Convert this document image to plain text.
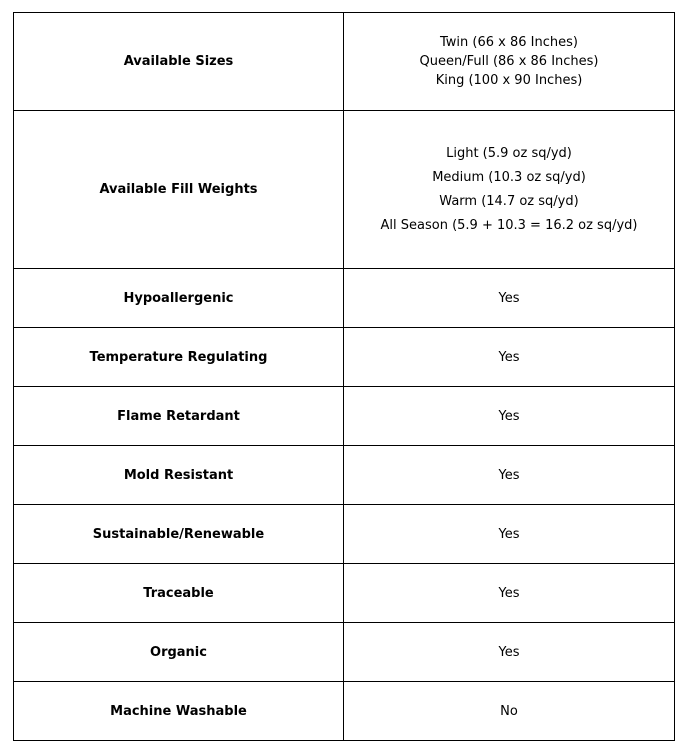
Available Sizes	Twin (66 x 86 Inches)
Queen/Full (86 x 86 Inches)
King (100 x 90 Inches)

Available Fill Weights	Light (5.9 oz sq/yd)
Medium (10.3 oz sq/yd)
Warm (14.7 oz sq/yd)
All Season (5.9 + 10.3 = 16.2 oz sq/yd)

Hypoallergenic	Yes
Temperature Regulating	Yes
Flame Retardant	Yes
Mold Resistant	Yes
Sustainable/Renewable	Yes
Traceable	Yes
Organic	Yes
Machine Washable	No
